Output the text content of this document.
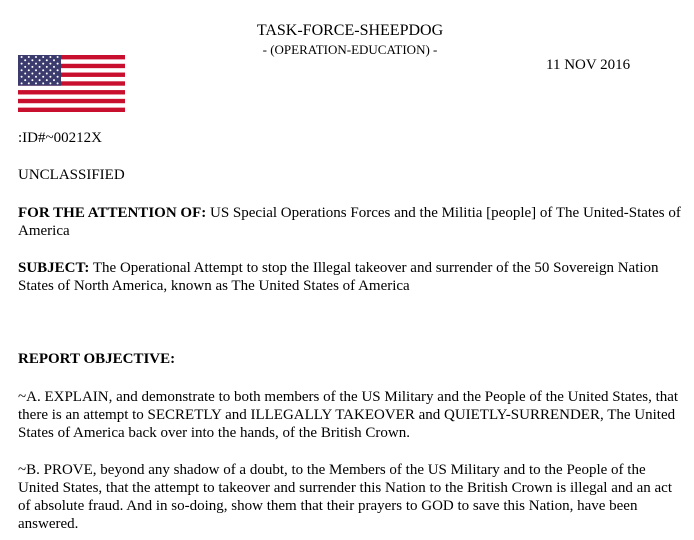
TASK-FORCE-SHEEPDOG
- (OPERATION-EDUCATION) -
11 NOV 2016

:ID#~00212X

UNCLASSIFIED

FOR THE ATTENTION OF: US Special Operations Forces and the Militia [people] of The United-States of America

SUBJECT: The Operational Attempt to stop the Illegal takeover and surrender of the 50 Sovereign Nation States of North America, known as The United States of America

REPORT OBJECTIVE:

~A. EXPLAIN, and demonstrate to both members of the US Military and the People of the United States, that there is an attempt to SECRETLY and ILLEGALLY TAKEOVER and QUIETLY-SURRENDER, The United States of America back over into the hands, of the British Crown.

~B. PROVE, beyond any shadow of a doubt, to the Members of the US Military and to the People of the United States, that the attempt to takeover and surrender this Nation to the British Crown is illegal and an act of absolute fraud. And in so-doing, show them that their prayers to GOD to save this Nation, have been answered.
